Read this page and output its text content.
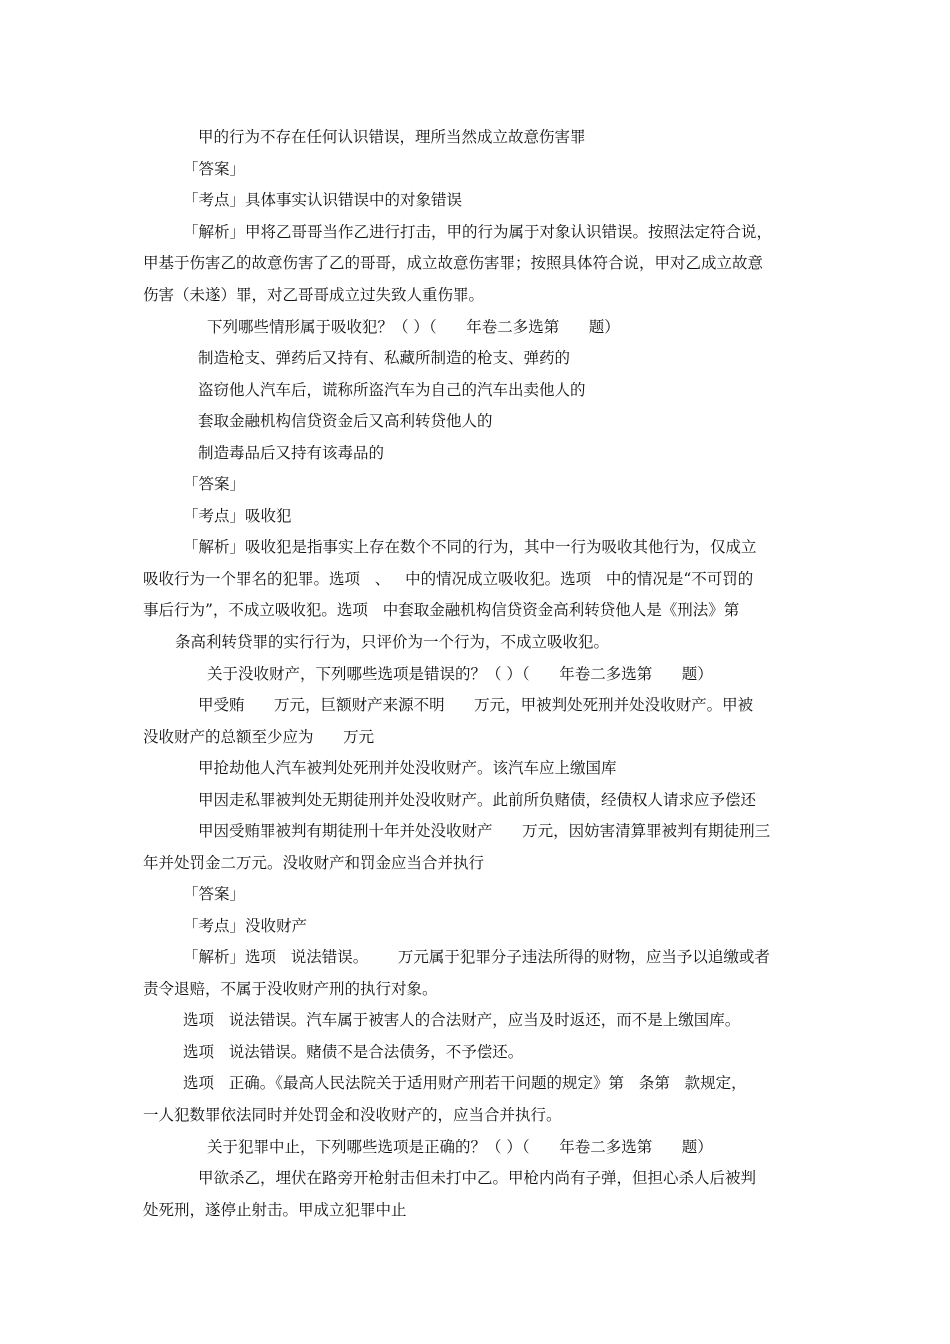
甲的行为不存在任何认识错误，理所当然成立故意伤害罪
「答案」
「考点」具体事实认识错误中的对象错误
「解析」甲将乙哥哥当作乙进行打击，甲的行为属于对象认识错误。按照法定符合说，
甲基于伤害乙的故意伤害了乙的哥哥，成立故意伤害罪；按照具体符合说，甲对乙成立故意
伤害（未遂）罪，对乙哥哥成立过失致人重伤罪。
下列哪些情形属于吸收犯？（ ）（      年卷二多选第      题）
制造枪支、弹药后又持有、私藏所制造的枪支、弹药的
盗窃他人汽车后，谎称所盗汽车为自己的汽车出卖他人的
套取金融机构信贷资金后又高利转贷他人的
制造毒品后又持有该毒品的
「答案」
「考点」吸收犯
「解析」吸收犯是指事实上存在数个不同的行为，其中一行为吸收其他行为，仅成立
吸收行为一个罪名的犯罪。选项   、   中的情况成立吸收犯。选项   中的情况是“不可罚的
事后行为”，不成立吸收犯。选项   中套取金融机构信贷资金高利转贷他人是《刑法》第
条高利转贷罪的实行行为，只评价为一个行为，不成立吸收犯。
关于没收财产，下列哪些选项是错误的？（ ）（      年卷二多选第      题）
甲受贿      万元，巨额财产来源不明      万元，甲被判处死刑并处没收财产。甲被
没收财产的总额至少应为      万元
甲抢劫他人汽车被判处死刑并处没收财产。该汽车应上缴国库
甲因走私罪被判处无期徒刑并处没收财产。此前所负赌债，经债权人请求应予偿还
甲因受贿罪被判有期徒刑十年并处没收财产      万元，因妨害清算罪被判有期徒刑三
年并处罚金二万元。没收财产和罚金应当合并执行
「答案」
「考点」没收财产
「解析」选项   说法错误。      万元属于犯罪分子违法所得的财物，应当予以追缴或者
责令退赔，不属于没收财产刑的执行对象。
选项   说法错误。汽车属于被害人的合法财产，应当及时返还，而不是上缴国库。
选项   说法错误。赌债不是合法债务，不予偿还。
选项   正确。《最高人民法院关于适用财产刑若干问题的规定》第   条第   款规定，
一人犯数罪依法同时并处罚金和没收财产的，应当合并执行。
关于犯罪中止，下列哪些选项是正确的？（ ）（      年卷二多选第      题）
甲欲杀乙，埋伏在路旁开枪射击但未打中乙。甲枪内尚有子弹，但担心杀人后被判
处死刑，遂停止射击。甲成立犯罪中止
